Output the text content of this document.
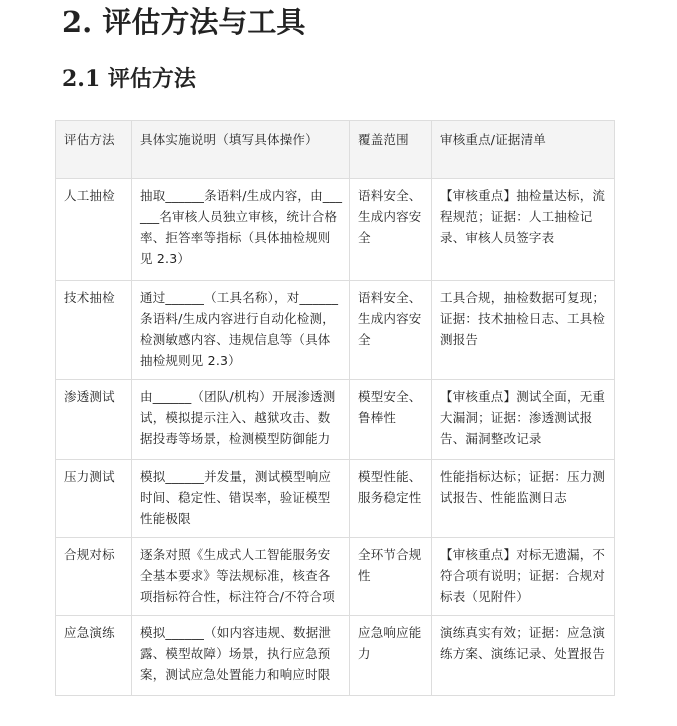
2. 评估方法与工具
2.1 评估方法
评估方法	具体实施说明（填写具体操作）	覆盖范围	审核重点/证据清单
人工抽检	抽取______条语料/生成内容，由______名审核人员独立审核，统计合格率、拒答率等指标（具体抽检规则见 2.3）	语料安全、生成内容安全	【审核重点】抽检量达标，流程规范；证据：人工抽检记录、审核人员签字表
技术抽检	通过______（工具名称），对______条语料/生成内容进行自动化检测，检测敏感内容、违规信息等（具体抽检规则见 2.3）	语料安全、生成内容安全	工具合规，抽检数据可复现；证据：技术抽检日志、工具检测报告
渗透测试	由______（团队/机构）开展渗透测试，模拟提示注入、越狱攻击、数据投毒等场景，检测模型防御能力	模型安全、鲁棒性	【审核重点】测试全面，无重大漏洞；证据：渗透测试报告、漏洞整改记录
压力测试	模拟______并发量，测试模型响应时间、稳定性、错误率，验证模型性能极限	模型性能、服务稳定性	性能指标达标；证据：压力测试报告、性能监测日志
合规对标	逐条对照《生成式人工智能服务安全基本要求》等法规标准，核查各项指标符合性，标注符合/不符合项	全环节合规性	【审核重点】对标无遗漏，不符合项有说明；证据：合规对标表（见附件）
应急演练	模拟______（如内容违规、数据泄露、模型故障）场景，执行应急预案，测试应急处置能力和响应时限	应急响应能力	演练真实有效；证据：应急演练方案、演练记录、处置报告
